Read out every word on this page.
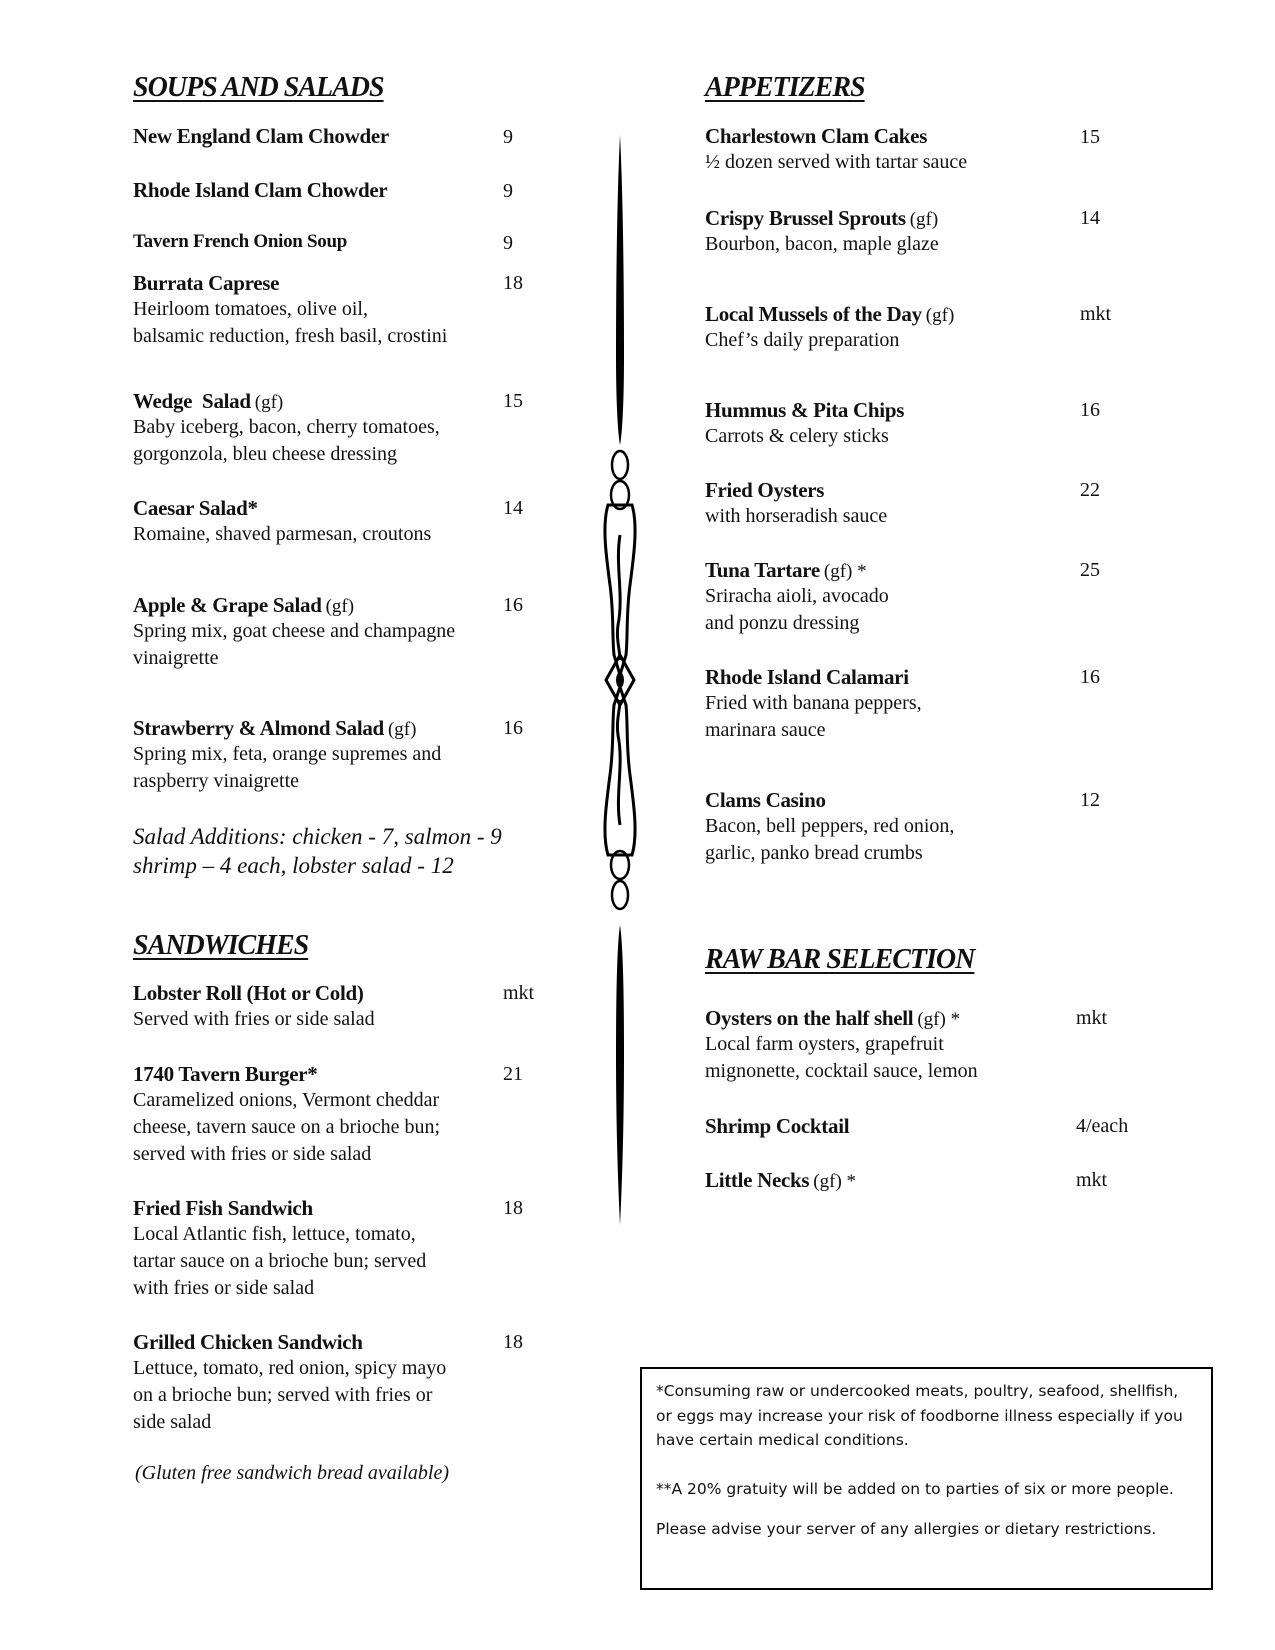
SOUPS AND SALADS
New England Clam Chowder	9
Rhode Island Clam Chowder	9
Tavern French Onion Soup	9
Burrata Caprese
Heirloom tomatoes, olive oil,
balsamic reduction, fresh basil, crostini
18
Wedge  Salad (gf)
Baby iceberg, bacon, cherry tomatoes,
gorgonzola, bleu cheese dressing
15
Caesar Salad*
Romaine, shaved parmesan, croutons
14
Apple & Grape Salad (gf)
Spring mix, goat cheese and champagne
vinaigrette
16
Strawberry & Almond Salad (gf)
Spring mix, feta, orange supremes and
raspberry vinaigrette
16
Salad Additions: chicken - 7, salmon - 9
shrimp – 4 each, lobster salad - 12
SANDWICHES
Lobster Roll (Hot or Cold)
Served with fries or side salad
mkt
1740 Tavern Burger*
Caramelized onions, Vermont cheddar
cheese, tavern sauce on a brioche bun;
served with fries or side salad
21
Fried Fish Sandwich
Local Atlantic fish, lettuce, tomato,
tartar sauce on a brioche bun; served
with fries or side salad
18
Grilled Chicken Sandwich
Lettuce, tomato, red onion, spicy mayo
on a brioche bun; served with fries or
side salad
18
(Gluten free sandwich bread available)
APPETIZERS
Charlestown Clam Cakes
½ dozen served with tartar sauce
15
Crispy Brussel Sprouts (gf)
Bourbon, bacon, maple glaze
14
Local Mussels of the Day (gf)
Chef’s daily preparation
mkt
Hummus & Pita Chips
Carrots & celery sticks
16
Fried Oysters
with horseradish sauce
22
Tuna Tartare (gf) *
Sriracha aioli, avocado
and ponzu dressing
25
Rhode Island Calamari
Fried with banana peppers,
marinara sauce
16
Clams Casino
Bacon, bell peppers, red onion,
garlic, panko bread crumbs
12
RAW BAR SELECTION
Oysters on the half shell (gf) *
Local farm oysters, grapefruit
mignonette, cocktail sauce, lemon
mkt
Shrimp Cocktail	4/each
Little Necks (gf) *	mkt

*Consuming raw or undercooked meats, poultry, seafood, shellfish, or eggs may increase your risk of foodborne illness especially if you have certain medical conditions.

**A 20% gratuity will be added on to parties of six or more people.

Please advise your server of any allergies or dietary restrictions.
